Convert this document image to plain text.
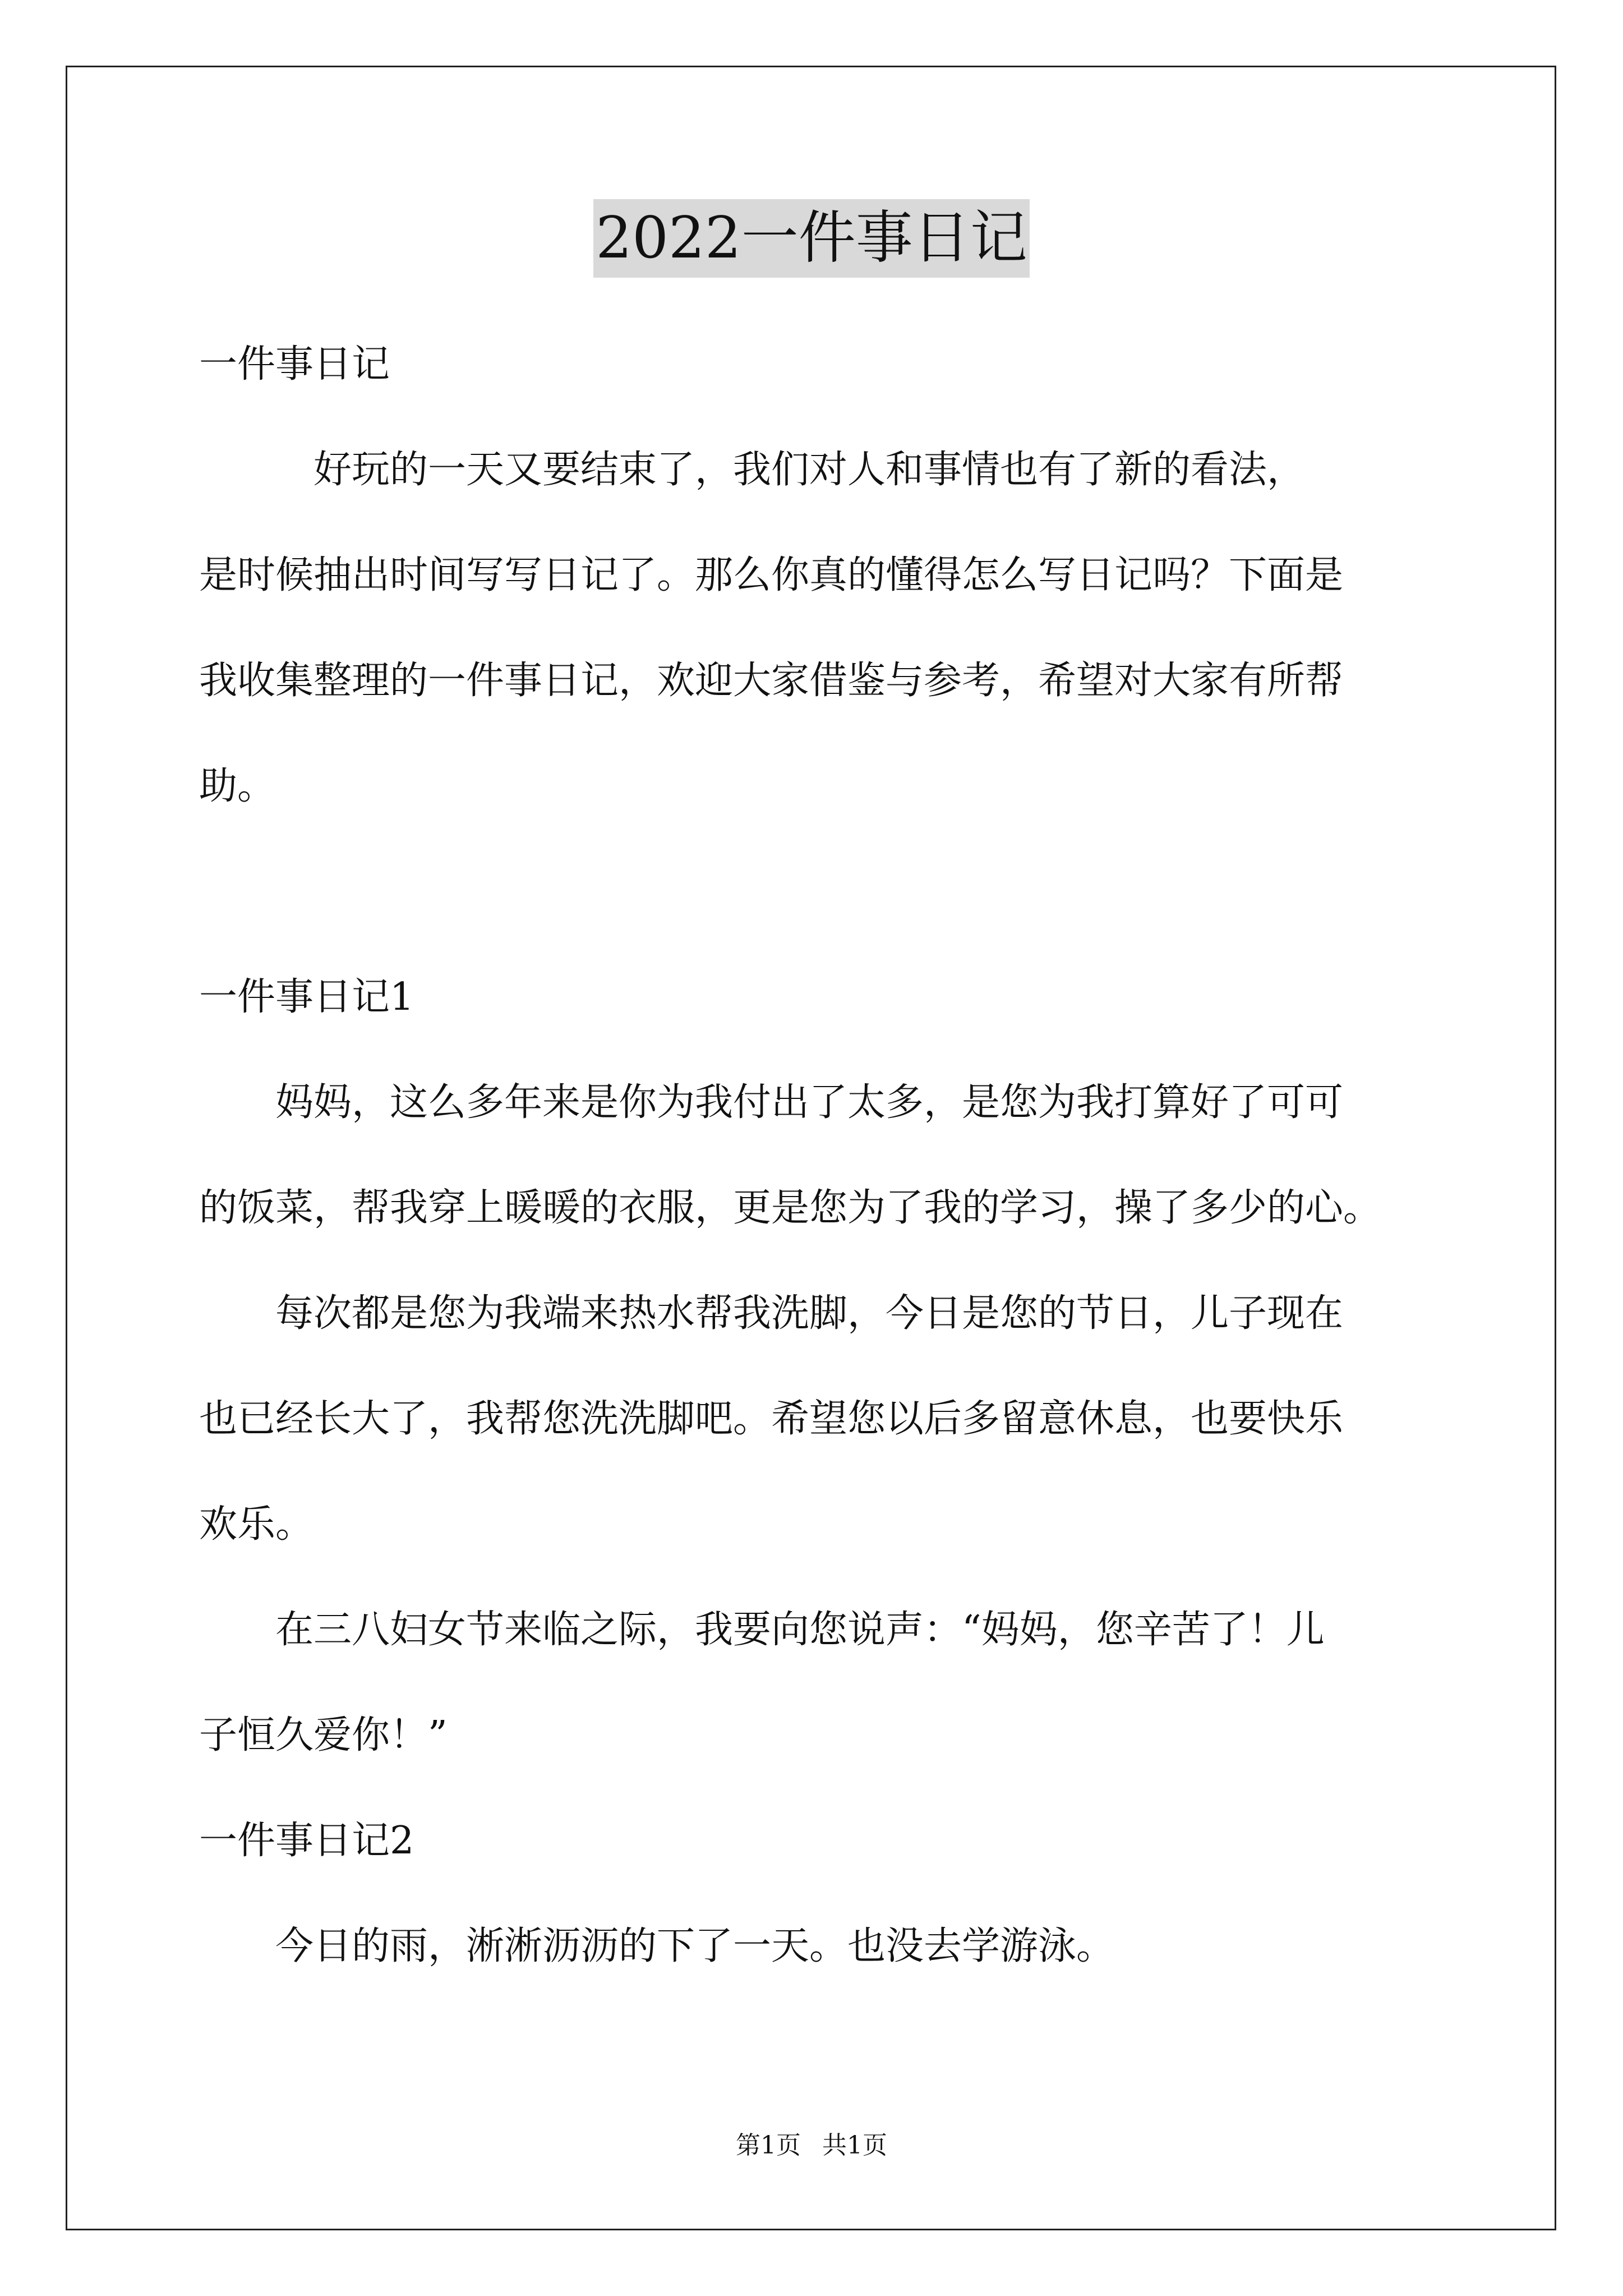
2022一件事日记
一件事日记
　　　好玩的一天又要结束了，我们对人和事情也有了新的看法，
是时候抽出时间写写日记了。那么你真的懂得怎么写日记吗？下面是
我收集整理的一件事日记，欢迎大家借鉴与参考，希望对大家有所帮
助。
一件事日记1
　　妈妈，这么多年来是你为我付出了太多，是您为我打算好了可可
的饭菜，帮我穿上暖暖的衣服，更是您为了我的学习，操了多少的心。
　　每次都是您为我端来热水帮我洗脚，今日是您的节日，儿子现在
也已经长大了，我帮您洗洗脚吧。希望您以后多留意休息，也要快乐
欢乐。
　　在三八妇女节来临之际，我要向您说声：“妈妈，您辛苦了！儿
子恒久爱你！”
一件事日记2
　　今日的雨，淅淅沥沥的下了一天。也没去学游泳。
第1页 共1页
